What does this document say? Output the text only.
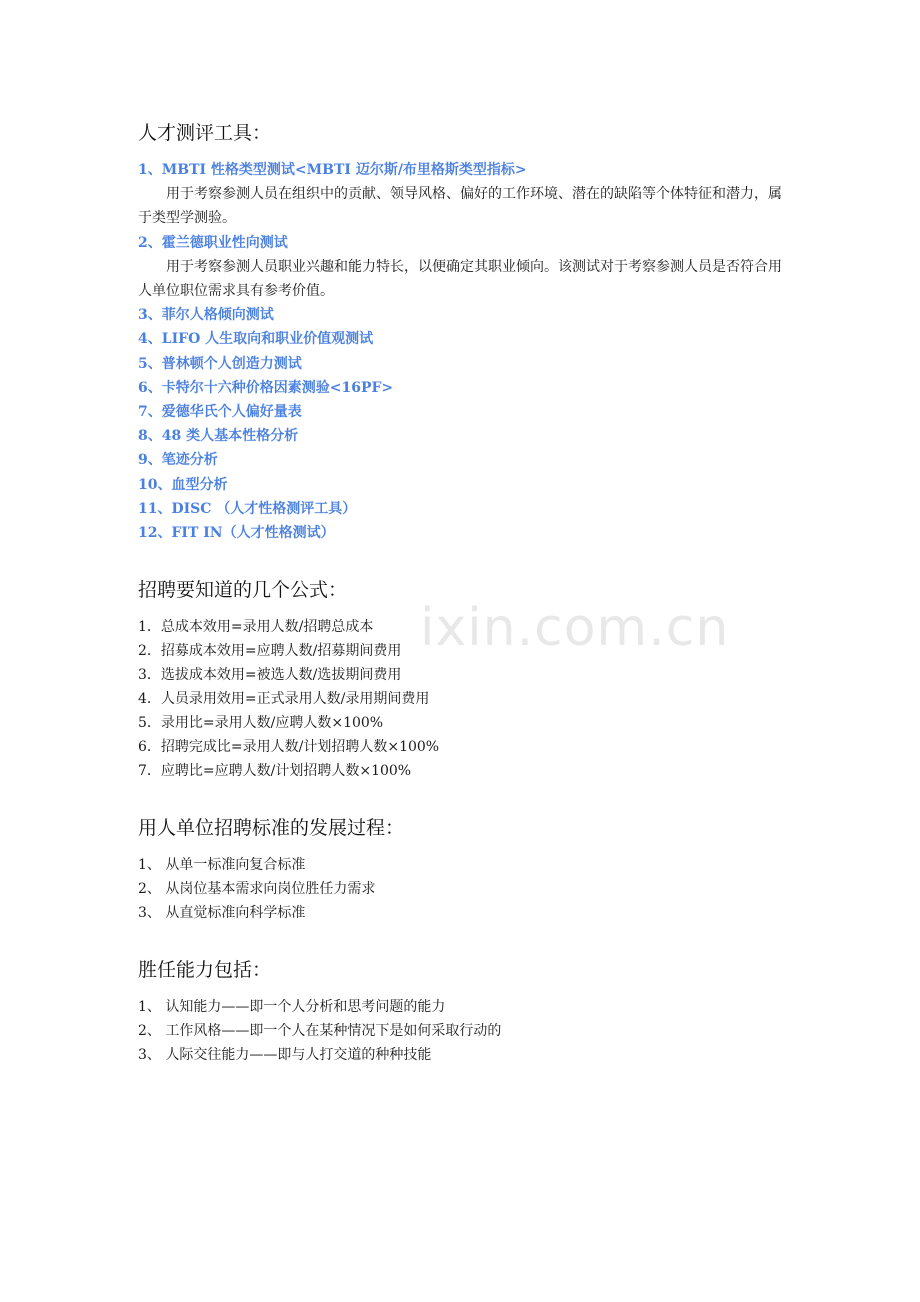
ixin.com.cn
人才测评工具：
1、MBTI 性格类型测试<MBTI 迈尔斯/布里格斯类型指标>

用于考察参测人员在组织中的贡献、领导风格、偏好的工作环境、潜在的缺陷等个体特征和潜力，属于类型学测验。

2、霍兰德职业性向测试

用于考察参测人员职业兴趣和能力特长，以便确定其职业倾向。该测试对于考察参测人员是否符合用人单位职位需求具有参考价值。

3、菲尔人格倾向测试
4、LIFO 人生取向和职业价值观测试
5、普林顿个人创造力测试
6、卡特尔十六种价格因素测验<16PF>
7、爱德华氏个人偏好量表
8、48 类人基本性格分析
9、笔迹分析
10、血型分析
11、DISC （人才性格测评工具）
12、FIT IN（人才性格测试）
招聘要知道的几个公式：
1．总成本效用=录用人数/招聘总成本
2．招募成本效用=应聘人数/招募期间费用
3．选拔成本效用=被选人数/选拔期间费用
4．人员录用效用=正式录用人数/录用期间费用
5．录用比=录用人数/应聘人数×100%
6．招聘完成比=录用人数/计划招聘人数×100%
7．应聘比=应聘人数/计划招聘人数×100%
用人单位招聘标准的发展过程：
1、 从单一标准向复合标准
2、 从岗位基本需求向岗位胜任力需求
3、 从直觉标准向科学标准
胜任能力包括：
1、 认知能力——即一个人分析和思考问题的能力
2、 工作风格——即一个人在某种情况下是如何采取行动的
3、 人际交往能力——即与人打交道的种种技能
